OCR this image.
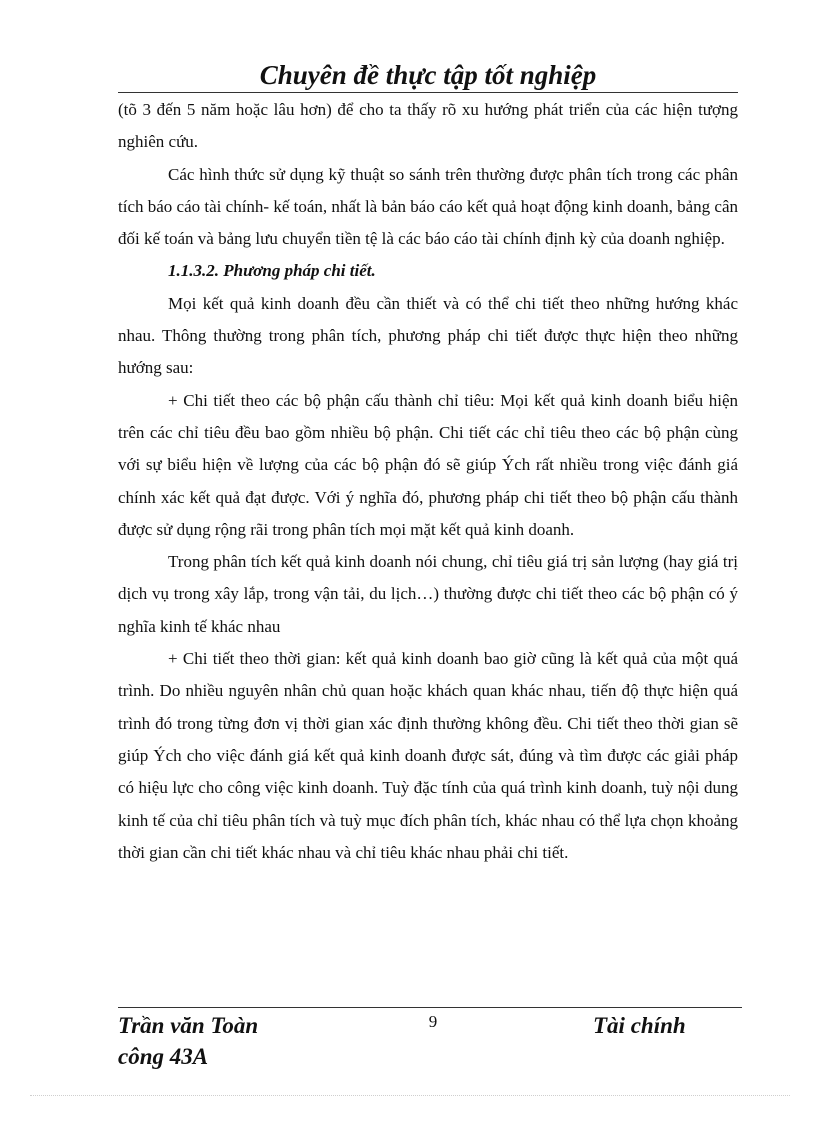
Chuyên đề thực tập tốt nghiệp

(tõ 3 đến 5 năm hoặc lâu hơn) để cho ta thấy rõ xu hướng phát triển của các hiện tượng nghiên cứu.

Các hình thức sử dụng kỹ thuật so sánh trên thường được phân tích trong các phân tích báo cáo tài chính- kế toán, nhất là bản báo cáo kết quả hoạt động kinh doanh, bảng cân đối kế toán và bảng lưu chuyển tiền tệ là các báo cáo tài chính định kỳ của doanh nghiệp.

1.1.3.2. Phương pháp chi tiết.

Mọi kết quả kinh doanh đều cần thiết và có thể chi tiết theo những hướng khác nhau. Thông thường trong phân tích, phương pháp chi tiết được thực hiện theo những hướng sau:

+ Chi tiết theo các bộ phận cấu thành chỉ tiêu: Mọi kết quả kinh doanh biểu hiện trên các chỉ tiêu đều bao gồm nhiều bộ phận. Chi tiết các chỉ tiêu theo các bộ phận cùng với sự biểu hiện về lượng của các bộ phận đó sẽ giúp Ých rất nhiều trong việc đánh giá chính xác kết quả đạt được. Với ý nghĩa đó, phương pháp chi tiết theo bộ phận cấu thành được sử dụng rộng rãi trong phân tích mọi mặt kết quả kinh doanh.

Trong phân tích kết quả kinh doanh nói chung, chỉ tiêu giá trị sản lượng (hay giá trị dịch vụ trong xây lắp, trong vận tải, du lịch…) thường được chi tiết theo các bộ phận có ý nghĩa kinh tế khác nhau

+ Chi tiết theo thời gian: kết quả kinh doanh bao giờ cũng là kết quả của một quá trình. Do nhiều nguyên nhân chủ quan hoặc khách quan khác nhau, tiến độ thực hiện quá trình đó trong từng đơn vị thời gian xác định thường không đều. Chi tiết theo thời gian sẽ giúp Ých cho việc đánh giá kết quả kinh doanh được sát, đúng và tìm được các giải pháp có hiệu lực cho công việc kinh doanh. Tuỳ đặc tính của quá trình kinh doanh, tuỳ nội dung kinh tế của chỉ tiêu phân tích và tuỳ mục đích phân tích, khác nhau có thể lựa chọn khoảng thời gian cần chi tiết khác nhau và chỉ tiêu khác nhau phải chi tiết.

Trần văn Toàn
công 43A
9	Tài chính
